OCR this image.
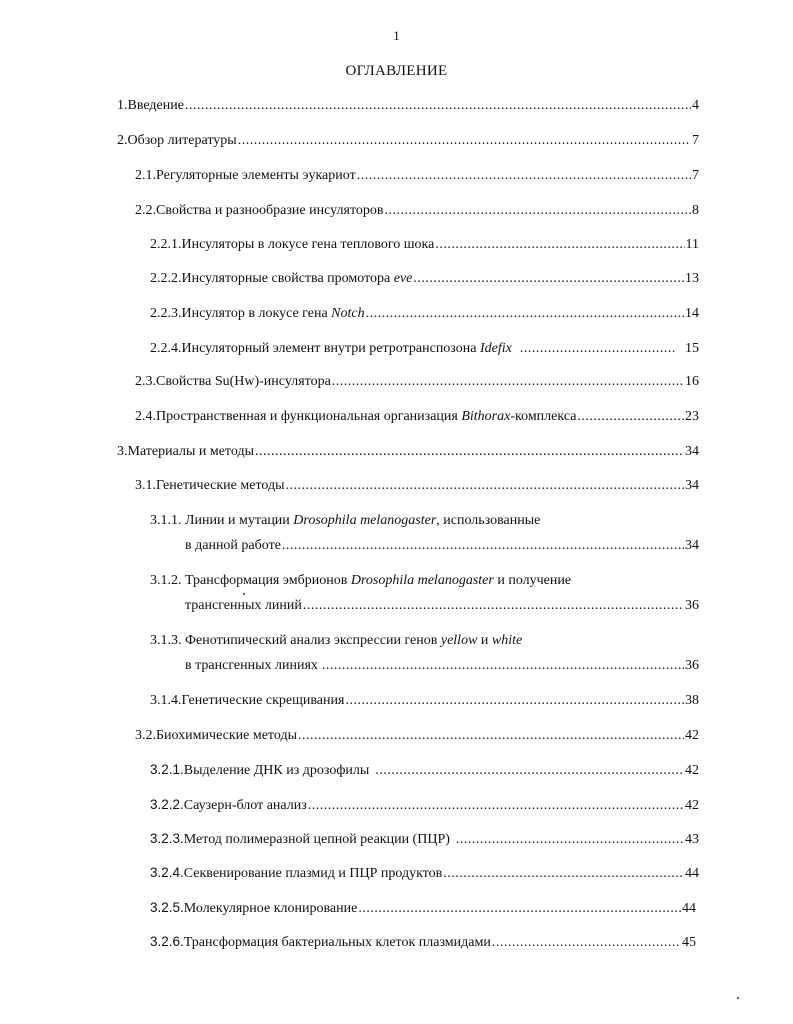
1
ОГЛАВЛЕНИЕ
1. Введение .....	4
2. Обзор литературы .....	7
2.1. Регуляторные элементы эукариот .....	7
2.2. Свойства и разнообразие инсуляторов .....	8
2.2.1. Инсуляторы в локусе гена теплового шока .....	11
2.2.2. Инсуляторные свойства промотора eve .....	13
2.2.3. Инсулятор в локусе гена Notch .....	14
2.2.4. Инсуляторный элемент внутри ретротранспозона Idefix .....	15
2.3. Свойства Su(Hw)-инсулятора .....	16
2.4. Пространственная и функциональная организация Bithorax-комплекса .....	23
3. Материалы и методы .....	34
3.1. Генетические методы .....	34
3.1.1. Линии и мутации Drosophila melanogaster, использованные
в данной работе .....	34
3.1.2. Трансформация эмбрионов Drosophila melanogaster и получение
трансгенных линий .....	36
3.1.3. Фенотипический анализ экспрессии генов yellow и white
в трансгенных линиях .....	36
3.1.4. Генетические скрещивания .....	38
3.2. Биохимические методы .....	42
3.2.1. Выделение ДНК из дрозофилы .....	42
3.2.2. Саузерн-блот анализ .....	42
3.2.3. Метод полимеразной цепной реакции (ПЦР) .....	43
3.2.4. Секвенирование плазмид и ПЦР продуктов .....	44
3.2.5. Молекулярное клонирование .....	44
3.2.6. Трансформация бактериальных клеток плазмидами .....	45
